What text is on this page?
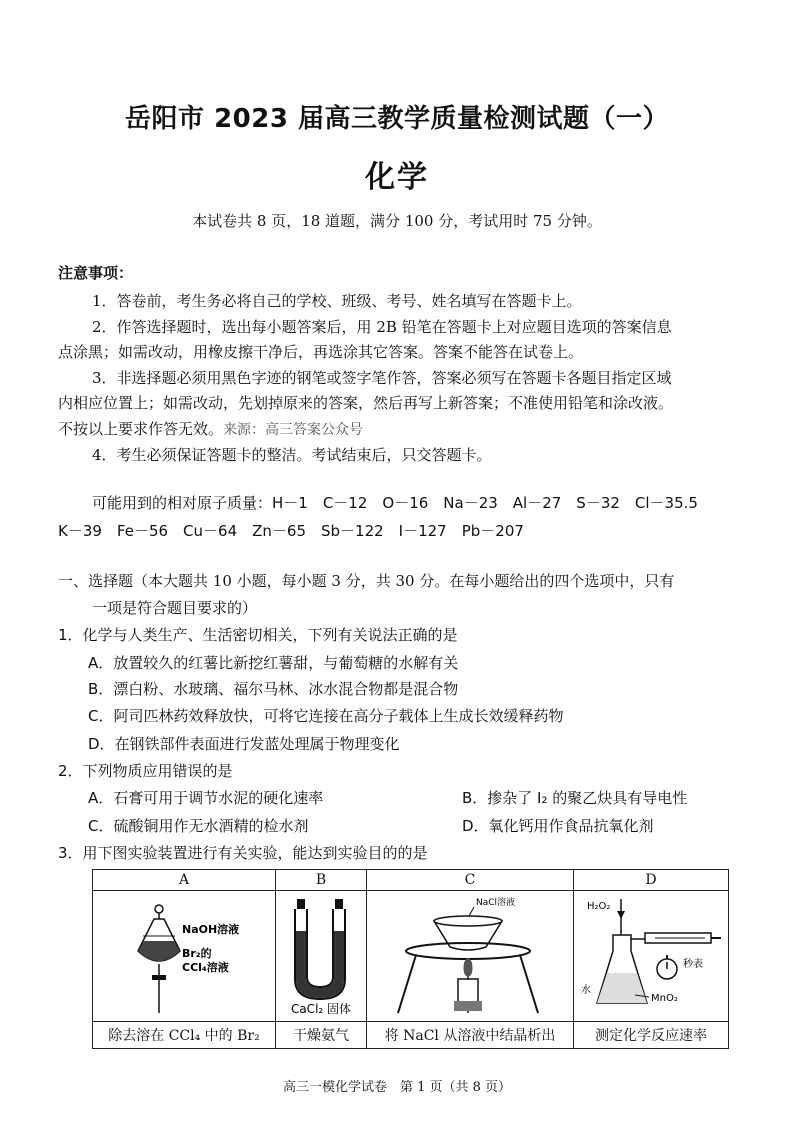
岳阳市 2023 届高三教学质量检测试题（一）
化学
本试卷共 8 页，18 道题，满分 100 分，考试用时 75 分钟。
注意事项：
1．答卷前，考生务必将自己的学校、班级、考号、姓名填写在答题卡上。
2．作答选择题时，选出每小题答案后，用 2B 铅笔在答题卡上对应题目选项的答案信息
点涂黑；如需改动，用橡皮擦干净后，再选涂其它答案。答案不能答在试卷上。
3．非选择题必须用黑色字迹的钢笔或签字笔作答，答案必须写在答题卡各题目指定区域
内相应位置上；如需改动，先划掉原来的答案，然后再写上新答案；不准使用铅笔和涂改液。
不按以上要求作答无效。来源：高三答案公众号
4．考生必须保证答题卡的整洁。考试结束后，只交答题卡。
可能用到的相对原子质量：H－1　C－12　O－16　Na－23　Al－27　S－32　Cl－35.5
K－39　Fe－56　Cu－64　Zn－65　Sb－122　I－127　Pb－207
一、选择题（本大题共 10 小题，每小题 3 分，共 30 分。在每小题给出的四个选项中，只有
一项是符合题目要求的）
1．化学与人类生产、生活密切相关，下列有关说法正确的是
A．放置较久的红薯比新挖红薯甜，与葡萄糖的水解有关
B．漂白粉、水玻璃、福尔马林、冰水混合物都是混合物
C．阿司匹林药效释放快，可将它连接在高分子载体上生成长效缓释药物
D．在钢铁部件表面进行发蓝处理属于物理变化
2．下列物质应用错误的是
A．石膏可用于调节水泥的硬化速率	B．掺杂了 I₂ 的聚乙炔具有导电性
C．硫酸铜用作无水酒精的检水剂	D．氧化钙用作食品抗氧化剂
3．用下图实验装置进行有关实验，能达到实验目的的是
A	B	C	D

NaOH溶液
Br₂的
CCl₄溶液	CaCl₂ 固体	NaCl溶液	H₂O₂
秒表
水
MnO₂

除去溶在 CCl₄ 中的 Br₂	干燥氨气	将 NaCl 从溶液中结晶析出	测定化学反应速率
高三一模化学试卷　第 1 页（共 8 页）
